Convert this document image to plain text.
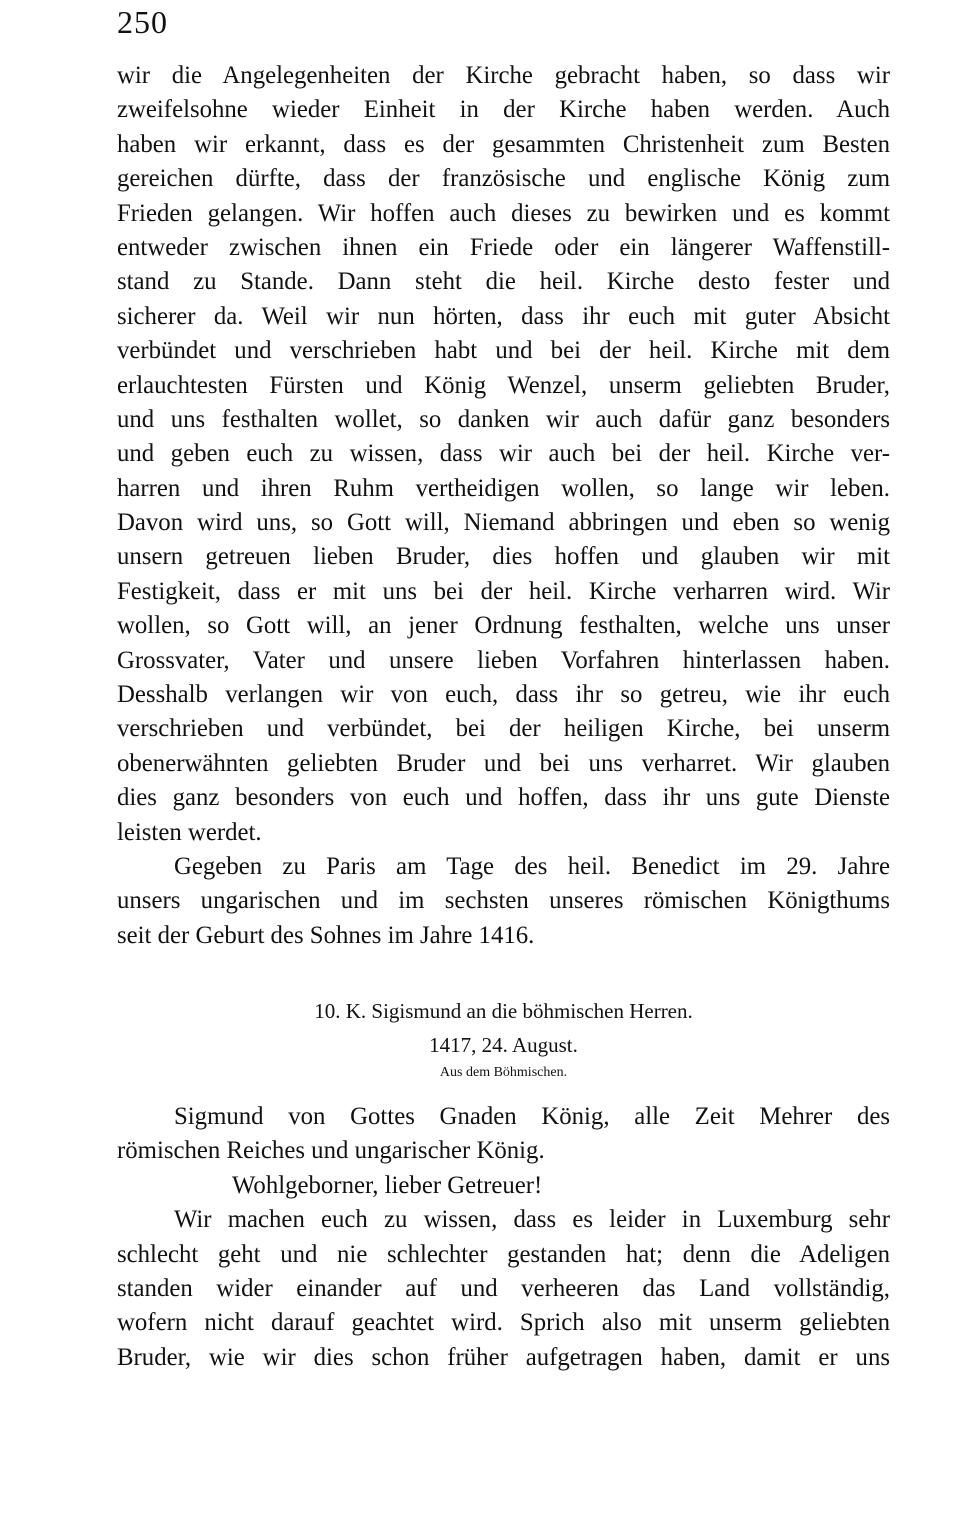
250
wir die Angelegenheiten der Kirche gebracht haben, so dass wir
zweifelsohne wieder Einheit in der Kirche haben werden. Auch
haben wir erkannt, dass es der gesammten Christenheit zum Besten
gereichen dürfte, dass der französische und englische König zum
Frieden gelangen. Wir hoffen auch dieses zu bewirken und es kommt
entweder zwischen ihnen ein Friede oder ein längerer Waffenstill-
stand zu Stande. Dann steht die heil. Kirche desto fester und
sicherer da. Weil wir nun hörten, dass ihr euch mit guter Absicht
verbündet und verschrieben habt und bei der heil. Kirche mit dem
erlauchtesten Fürsten und König Wenzel, unserm geliebten Bruder,
und uns festhalten wollet, so danken wir auch dafür ganz besonders
und geben euch zu wissen, dass wir auch bei der heil. Kirche ver-
harren und ihren Ruhm vertheidigen wollen, so lange wir leben.
Davon wird uns, so Gott will, Niemand abbringen und eben so wenig
unsern getreuen lieben Bruder, dies hoffen und glauben wir mit
Festigkeit, dass er mit uns bei der heil. Kirche verharren wird. Wir
wollen, so Gott will, an jener Ordnung festhalten, welche uns unser
Grossvater, Vater und unsere lieben Vorfahren hinterlassen haben.
Desshalb verlangen wir von euch, dass ihr so getreu, wie ihr euch
verschrieben und verbündet, bei der heiligen Kirche, bei unserm
obenerwähnten geliebten Bruder und bei uns verharret. Wir glauben
dies ganz besonders von euch und hoffen, dass ihr uns gute Dienste
leisten werdet.
Gegeben zu Paris am Tage des heil. Benedict im 29. Jahre
unsers ungarischen und im sechsten unseres römischen Königthums
seit der Geburt des Sohnes im Jahre 1416.
10. K. Sigismund an die böhmischen Herren.
1417, 24. August.
Aus dem Böhmischen.
Sigmund von Gottes Gnaden König, alle Zeit Mehrer des
römischen Reiches und ungarischer König.
Wohlgeborner, lieber Getreuer!
Wir machen euch zu wissen, dass es leider in Luxemburg sehr
schlecht geht und nie schlechter gestanden hat; denn die Adeligen
standen wider einander auf und verheeren das Land vollständig,
wofern nicht darauf geachtet wird. Sprich also mit unserm geliebten
Bruder, wie wir dies schon früher aufgetragen haben, damit er uns
